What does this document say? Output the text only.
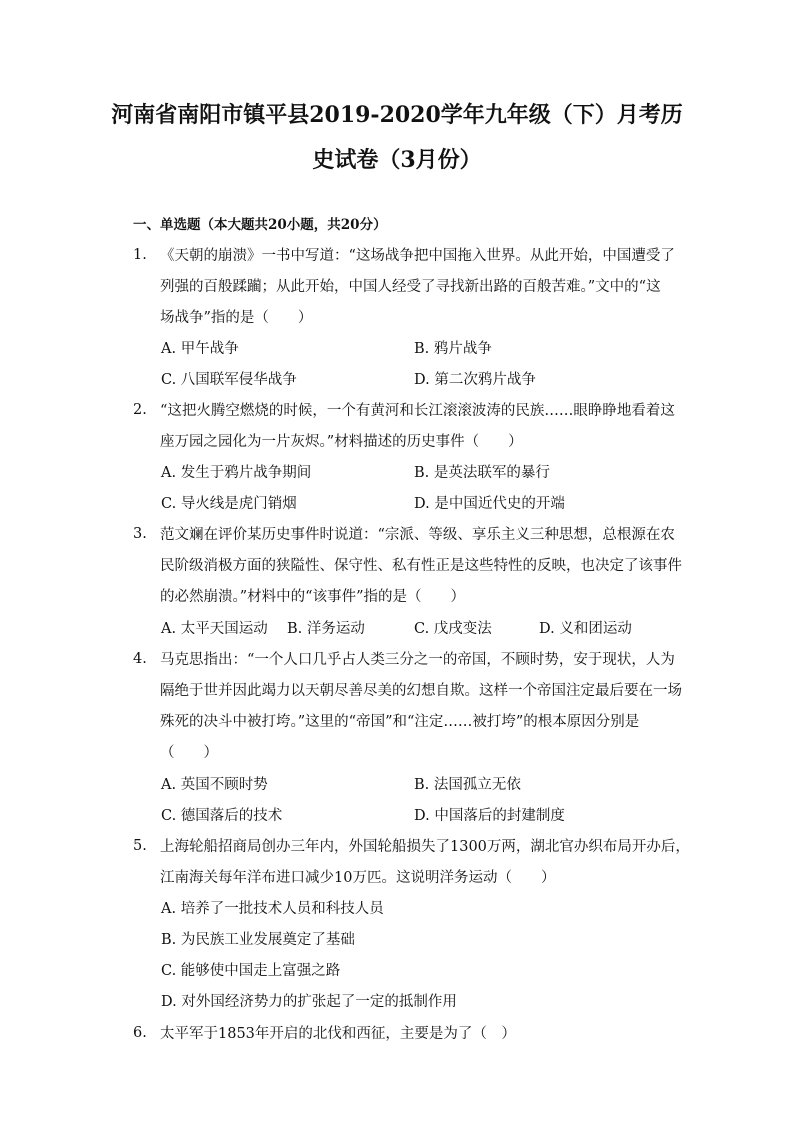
河南省南阳市镇平县2019-2020学年九年级（下）月考历
史试卷（3月份）
一、单选题（本大题共20小题，共20分）
1. 《天朝的崩溃》一书中写道：“这场战争把中国拖入世界。从此开始，中国遭受了
列强的百般蹂躏；从此开始，中国人经受了寻找新出路的百般苦难。”文中的“这
场战争”指的是（　　）
A. 甲午战争	B. 鸦片战争
C. 八国联军侵华战争	D. 第二次鸦片战争
2. “这把火腾空燃烧的时候，一个有黄河和长江滚滚波涛的民族……眼睁睁地看着这
座万园之园化为一片灰烬。”材料描述的历史事件（　　）
A. 发生于鸦片战争期间	B. 是英法联军的暴行
C. 导火线是虎门销烟	D. 是中国近代史的开端
3. 范文斓在评价某历史事件时说道：“宗派、等级、享乐主义三种思想，总根源在农
民阶级消极方面的狭隘性、保守性、私有性正是这些特性的反映，也决定了该事件
的必然崩溃。”材料中的“该事件”指的是（　　）
A. 太平天国运动 B. 洋务运动	C. 戊戌变法	D. 义和团运动
4. 马克思指出：“一个人口几乎占人类三分之一的帝国，不顾时势，安于现状，人为
隔绝于世并因此竭力以天朝尽善尽美的幻想自欺。这样一个帝国注定最后要在一场
殊死的决斗中被打垮。”这里的“帝国”和“注定……被打垮”的根本原因分别是
（　　）
A. 英国不顾时势	B. 法国孤立无依
C. 德国落后的技术	D. 中国落后的封建制度
5. 上海轮船招商局创办三年内，外国轮船损失了1300万两，湖北官办织布局开办后，
江南海关每年洋布进口减少10万匹。这说明洋务运动（　　）
A. 培养了一批技术人员和科技人员
B. 为民族工业发展奠定了基础
C. 能够使中国走上富强之路
D. 对外国经济势力的扩张起了一定的抵制作用
6. 太平军于1853年开启的北伐和西征，主要是为了（　）
